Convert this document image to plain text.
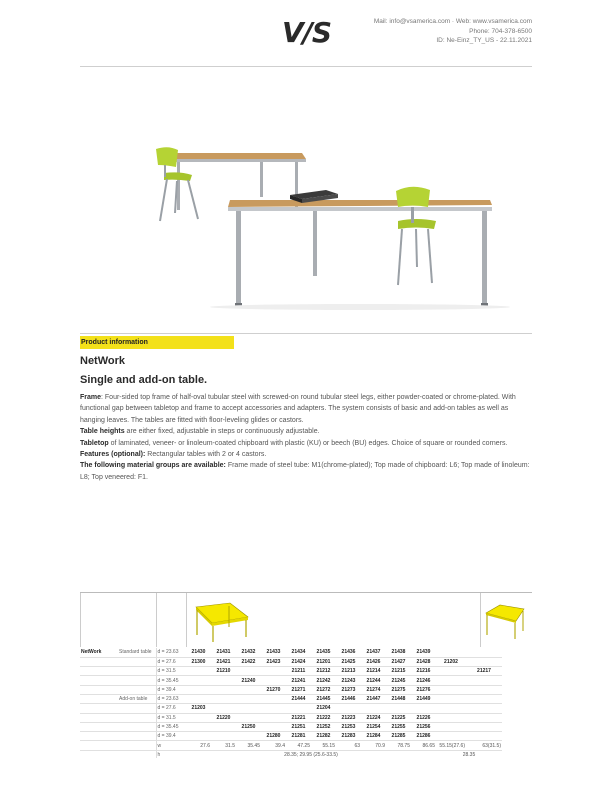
V/S	Mail: info@vsamerica.com · Web: www.vsamerica.com
Phone: 704-378-6500
ID: Ne-Einz_TY_US - 22.11.2021
Product information
NetWork
Single and add-on table.
Frame: Four-sided top frame of half-oval tubular steel with screwed-on round tubular steel legs, either powder-coated or chrome-plated. With functional gap between tabletop and frame to accept accessories and adapters. The system consists of basic and add-on tables as well as hanging leaves. The tables are fitted with floor-leveling glides or castors.
Table heights are either fixed, adjustable in steps or continuously adjustable.
Tabletop of laminated, veneer- or linoleum-coated chipboard with plastic (KU) or beech (BU) edges. Choice of square or rounded corners.
Features (optional): Rectangular tables with 2 or 4 castors.
The following material groups are available: Frame made of steel tube: M1(chrome-plated); Top made of chipboard: L6; Top made of linoleum: L8; Top veneered: F1.
NetWork	Standard table	d = 23.63	21430	21431	21432	21433	21434	21435	21436	21437	21438	21439		
		d = 27.6	21300	21421	21422	21423	21424	21201	21425	21426	21427	21428	21202	
		d = 31.5		21210			21211	21212	21213	21214	21215	21216		21217
		d = 35.45			21240		21241	21242	21243	21244	21245	21246		
		d = 39.4				21270	21271	21272	21273	21274	21275	21276		
	Add-on table	d = 23.63					21444	21445	21446	21447	21448	21449		
		d = 27.6	21203					21204						
		d = 31.5		21220			21221	21222	21223	21224	21225	21226		
		d = 35.45			21250		21251	21252	21253	21254	21255	21256		
		d = 39.4				21280	21281	21282	21283	21284	21285	21286		
		w	27.6	31.5	35.45	39.4	47.25	55.15	63	70.9	78.75	86.65	55.15(27.6)	63(31.5)
		h	28.35; 29.95 (25.6-33.5)										28.35	
